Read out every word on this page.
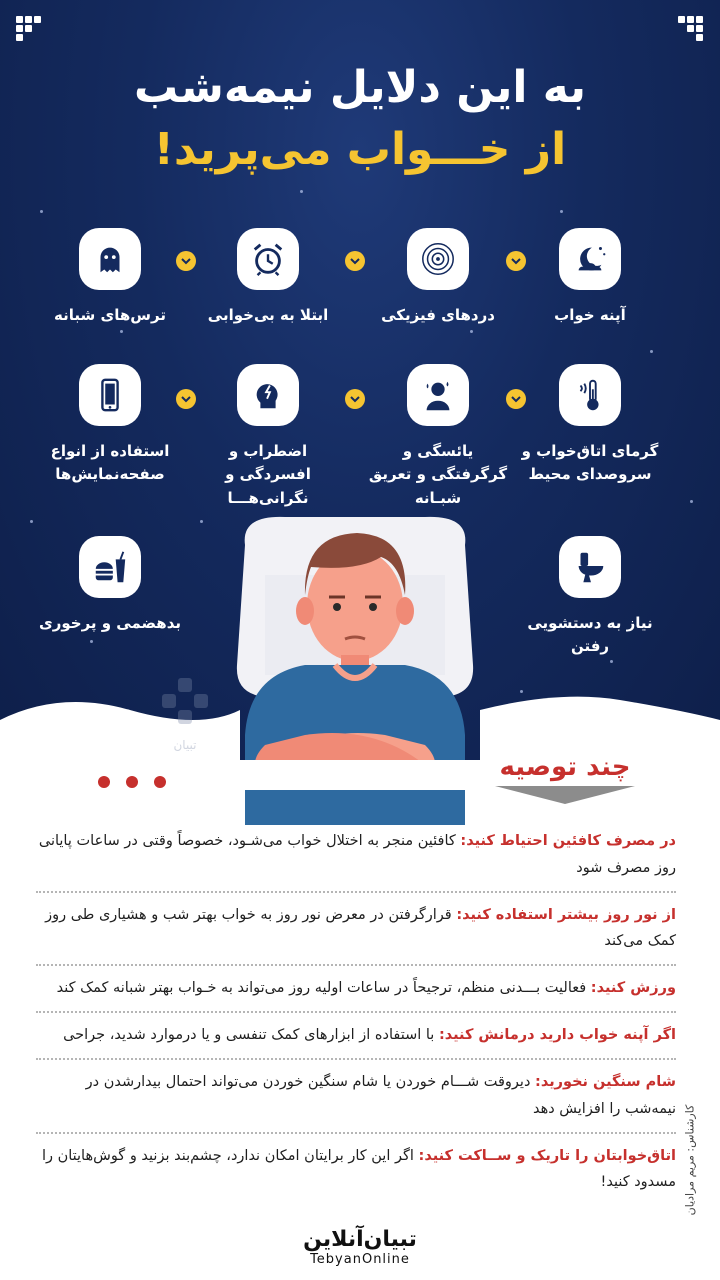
به این دلایل نیمه‌شب
از خـــواب می‌پرید!
آپنه خواب
دردهای فیزیکی
ابتلا به بی‌خوابی
ترس‌های شبانه
گرمای اتاق‌خواب و سروصدای محیط
یائسگی و گرگرفتگی و تعریق شبـانه
اضطراب و افسردگی و نگرانی‌هـــا
استفاده از انواع صفحه‌نمایش‌ها
نیاز به دستشویی رفتن
بدهضمی و پرخوری
تبیان
چند توصیه

در مصرف کافئین احتیاط کنید: کافئین منجر به اختلال خواب می‌شـود، خصوصاً وقتی در ساعات پایانی روز مصرف شود

از نور روز بیشتر استفاده کنید: قرارگرفتن در معرض نور روز به خواب بهتر شب و هشیاری طی روز کمک می‌کند

ورزش کنید: فعالیت بـــدنی منظم، ترجیحاً در ساعات اولیه روز می‌تواند به خـواب بهتر شبانه کمک کند

اگر آپنه خواب دارید درمانش کنید: با استفاده از ابزارهای کمک تنفسی و یا درموارد شدید، جراحی

شام سنگین نخورید: دیروقت شـــام خوردن یا شام سنگین خوردن می‌تواند احتمال بیدارشدن در نیمه‌شب را افزایش دهد

اتاق‌خوابتان را تاریک و ســاکت کنید: اگر این کار برایتان امکان ندارد، چشم‌بند بزنید و گوش‌هایتان را مسدود کنید! کارشناس: مریم مرادیان
تبیان‌آنلاین
TebyanOnline
